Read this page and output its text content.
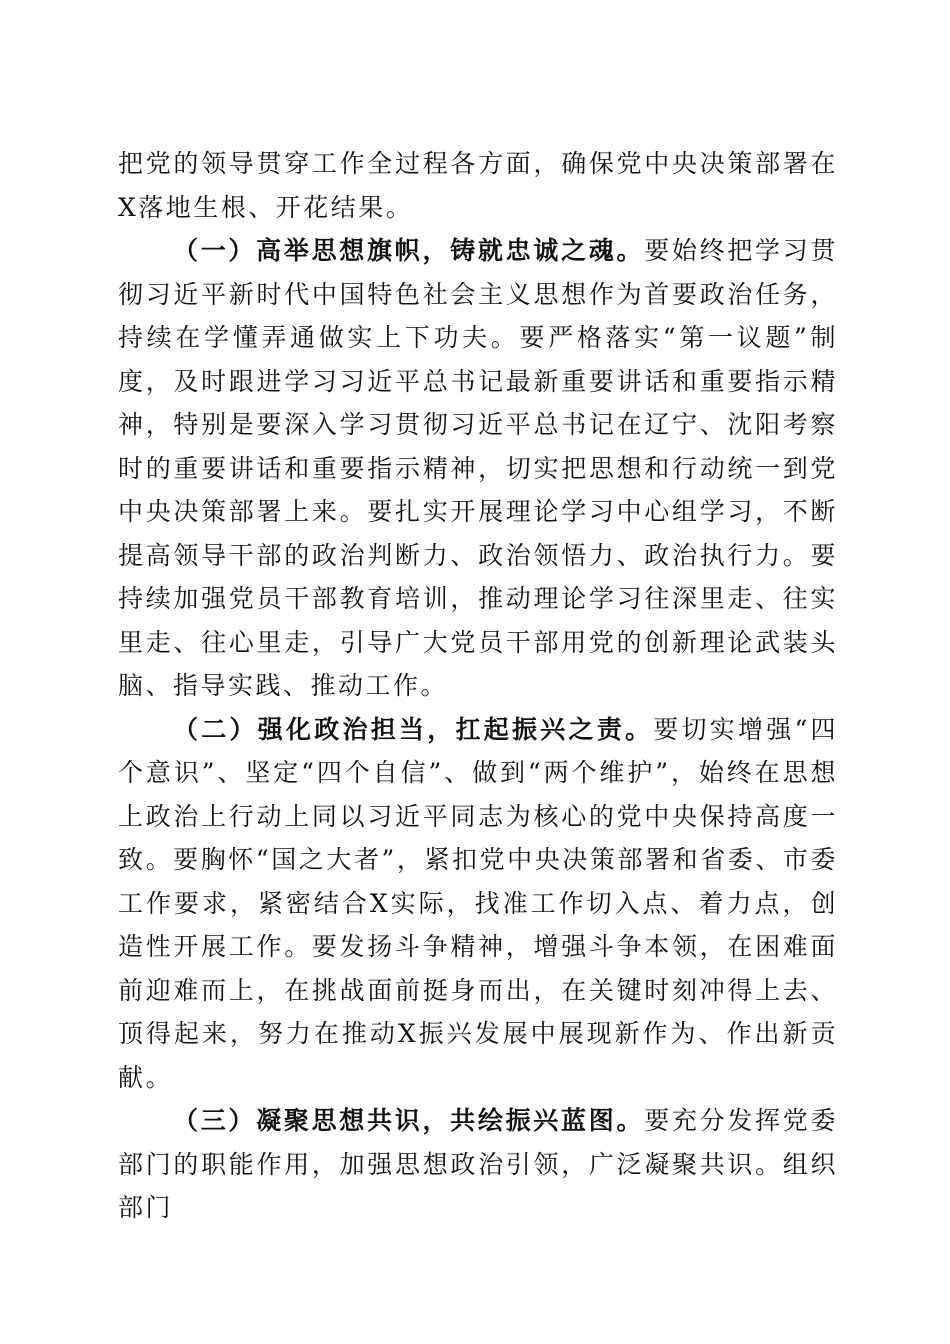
把党的领导贯穿工作全过程各方面，确保党中央决策部署在X落地生根、开花结果。

（一）高举思想旗帜，铸就忠诚之魂。要始终把学习贯彻习近平新时代中国特色社会主义思想作为首要政治任务，持续在学懂弄通做实上下功夫。要严格落实“第一议题”制度，及时跟进学习习近平总书记最新重要讲话和重要指示精神，特别是要深入学习贯彻习近平总书记在辽宁、沈阳考察时的重要讲话和重要指示精神，切实把思想和行动统一到党中央决策部署上来。要扎实开展理论学习中心组学习，不断提高领导干部的政治判断力、政治领悟力、政治执行力。要持续加强党员干部教育培训，推动理论学习往深里走、往实里走、往心里走，引导广大党员干部用党的创新理论武装头脑、指导实践、推动工作。

（二）强化政治担当，扛起振兴之责。要切实增强“四个意识”、坚定“四个自信”、做到“两个维护”，始终在思想上政治上行动上同以习近平同志为核心的党中央保持高度一致。要胸怀“国之大者”，紧扣党中央决策部署和省委、市委工作要求，紧密结合X实际，找准工作切入点、着力点，创造性开展工作。要发扬斗争精神，增强斗争本领，在困难面前迎难而上，在挑战面前挺身而出，在关键时刻冲得上去、顶得起来，努力在推动X振兴发展中展现新作为、作出新贡献。

（三）凝聚思想共识，共绘振兴蓝图。要充分发挥党委部门的职能作用，加强思想政治引领，广泛凝聚共识。组织部门
